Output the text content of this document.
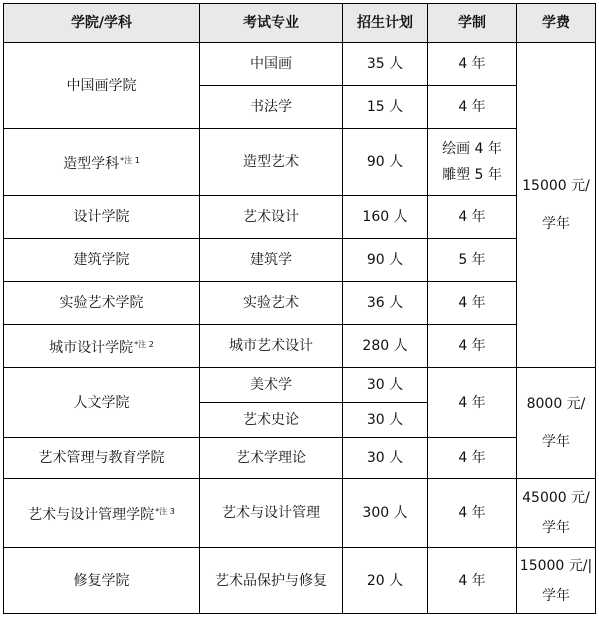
学院/学科	考试专业	招生计划	学制	学费
中国画学院	中国画	35 人	4 年	15000 元/
学年

	书法学	15 人	4 年	
造型学科$^{*注 1}$	造型艺术	90 人	绘画 4 年
雕塑 5 年	

设计学院	艺术设计	160 人	4 年	
建筑学院	建筑学	90 人	5 年	
实验艺术学院	实验艺术	36 人	4 年	
城市设计学院$^{*注 2}$	城市艺术设计	280 人	4 年	
人文学院	美术学	30 人	4 年	8000 元/
学年

	艺术史论	30 人		
艺术管理与教育学院	艺术学理论	30 人	4 年	
艺术与设计管理学院$^{*注 3}$	艺术与设计管理	300 人	4 年	45000 元/
学年

修复学院	艺术品保护与修复	20 人	4 年	15000 元/|
学年
